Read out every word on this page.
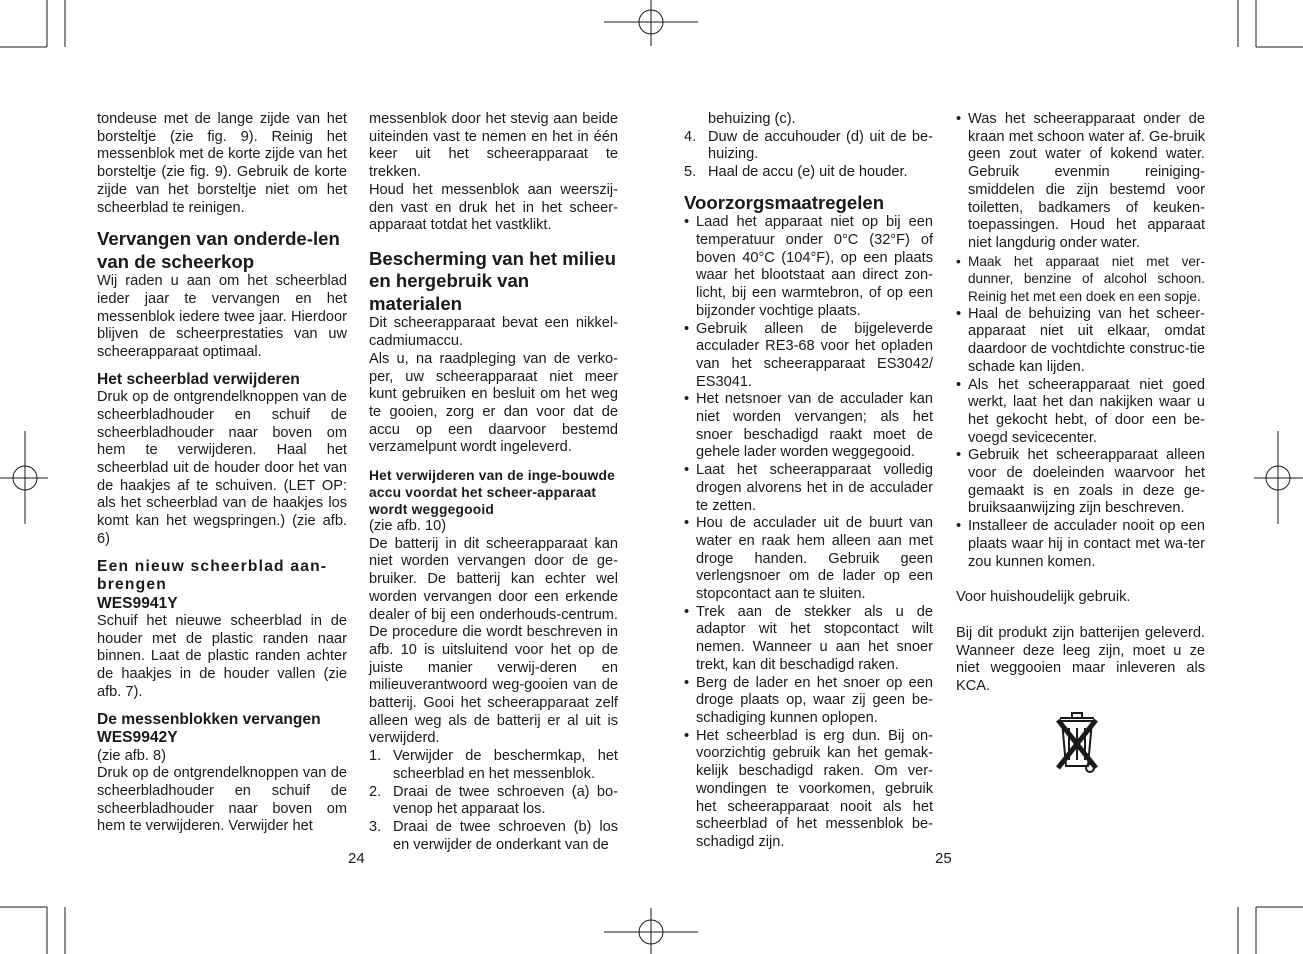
tondeuse met de lange zijde van het borsteltje (zie fig. 9). Reinig het messenblok met de korte zijde van het borsteltje (zie fig. 9). Gebruik de korte zijde van het borsteltje niet om het scheerblad te reinigen.

Vervangen van onderde-len van de scheerkop

Wij raden u aan om het scheerblad ieder jaar te vervangen en het messenblok iedere twee jaar. Hierdoor blijven de scheerprestaties van uw scheerapparaat optimaal.

Het scheerblad verwijderen

Druk op de ontgrendelknoppen van de scheerbladhouder en schuif de scheerbladhouder naar boven om hem te verwijderen. Haal het scheerblad uit de houder door het van de haakjes af te schuiven. (LET OP: als het scheerblad van de haakjes los komt kan het wegspringen.) (zie afb. 6)

Een nieuw scheerblad aan-brengen
WES9941Y

Schuif het nieuwe scheerblad in de houder met de plastic randen naar binnen. Laat de plastic randen achter de haakjes in de houder vallen (zie afb. 7).

De messenblokken vervangen
WES9942Y

(zie afb. 8)

Druk op de ontgrendelknoppen van de scheerbladhouder en schuif de scheerbladhouder naar boven om hem te verwijderen. Verwijder het

messenblok door het stevig aan beide uiteinden vast te nemen en het in één keer uit het scheerapparaat te trekken.

Houd het messenblok aan weerszij-den vast en druk het in het scheer-apparaat totdat het vastklikt.

Bescherming van het milieu en hergebruik van materialen

Dit scheerapparaat bevat een nikkel-cadmiumaccu.

Als u, na raadpleging van de verko-per, uw scheerapparaat niet meer kunt gebruiken en besluit om het weg te gooien, zorg er dan voor dat de accu op een daarvoor bestemd verzamelpunt wordt ingeleverd.

Het verwijderen van de inge-bouwde accu voordat het scheer-apparaat wordt weggegooid

(zie afb. 10)

De batterij in dit scheerapparaat kan niet worden vervangen door de ge-bruiker. De batterij kan echter wel worden vervangen door een erkende dealer of bij een onderhouds-centrum. De procedure die wordt beschreven in afb. 10 is uitsluitend voor het op de juiste manier verwij-deren en milieuverantwoord weg-gooien van de batterij. Gooi het scheerapparaat zelf alleen weg als de batterij er al uit is verwijderd.

1. Verwijder de beschermkap, het scheerblad en het messenblok.
2. Draai de twee schroeven (a) bo-venop het apparaat los.
3. Draai de twee schroeven (b) los en verwijder de onderkant van de
24
behuizing (c).
4. Duw de accuhouder (d) uit de be-huizing.
5. Haal de accu (e) uit de houder.
Voorzorgsmaatregelen
• Laad het apparaat niet op bij een temperatuur onder 0°C (32°F) of boven 40°C (104°F), op een plaats waar het blootstaat aan direct zon-licht, bij een warmtebron, of op een bijzonder vochtige plaats.
• Gebruik alleen de bijgeleverde acculader RE3-68 voor het opladen van het scheerapparaat ES3042/ ES3041.
• Het netsnoer van de acculader kan niet worden vervangen; als het snoer beschadigd raakt moet de gehele lader worden weggegooid.
• Laat het scheerapparaat volledig drogen alvorens het in de acculader te zetten.
• Hou de acculader uit de buurt van water en raak hem alleen aan met droge handen. Gebruik geen verlengsnoer om de lader op een stopcontact aan te sluiten.
• Trek aan de stekker als u de adaptor wit het stopcontact wilt nemen. Wanneer u aan het snoer trekt, kan dit beschadigd raken.
• Berg de lader en het snoer op een droge plaats op, waar zij geen be-schadiging kunnen oplopen.
• Het scheerblad is erg dun. Bij on-voorzichtig gebruik kan het gemak-kelijk beschadigd raken. Om ver-wondingen te voorkomen, gebruik het scheerapparaat nooit als het scheerblad of het messenblok be-schadigd zijn.
• Was het scheerapparaat onder de kraan met schoon water af. Ge-bruik geen zout water of kokend water. Gebruik evenmin reiniging-smiddelen die zijn bestemd voor toiletten, badkamers of keuken-toepassingen. Houd het apparaat niet langdurig onder water.
• Maak het apparaat niet met ver-dunner, benzine of alcohol schoon. Reinig het met een doek en een sopje.
• Haal de behuizing van het scheer-apparaat niet uit elkaar, omdat daardoor de vochtdichte construc-tie schade kan lijden.
• Als het scheerapparaat niet goed werkt, laat het dan nakijken waar u het gekocht hebt, of door een be-voegd sevicecenter.
• Gebruik het scheerapparaat alleen voor de doeleinden waarvoor het gemaakt is en zoals in deze ge-bruiksaanwijzing zijn beschreven.
• Installeer de acculader nooit op een plaats waar hij in contact met wa-ter zou kunnen komen.

Voor huishoudelijk gebruik.

Bij dit produkt zijn batterijen geleverd. Wanneer deze leeg zijn, moet u ze niet weggooien maar inleveren als KCA.

25
